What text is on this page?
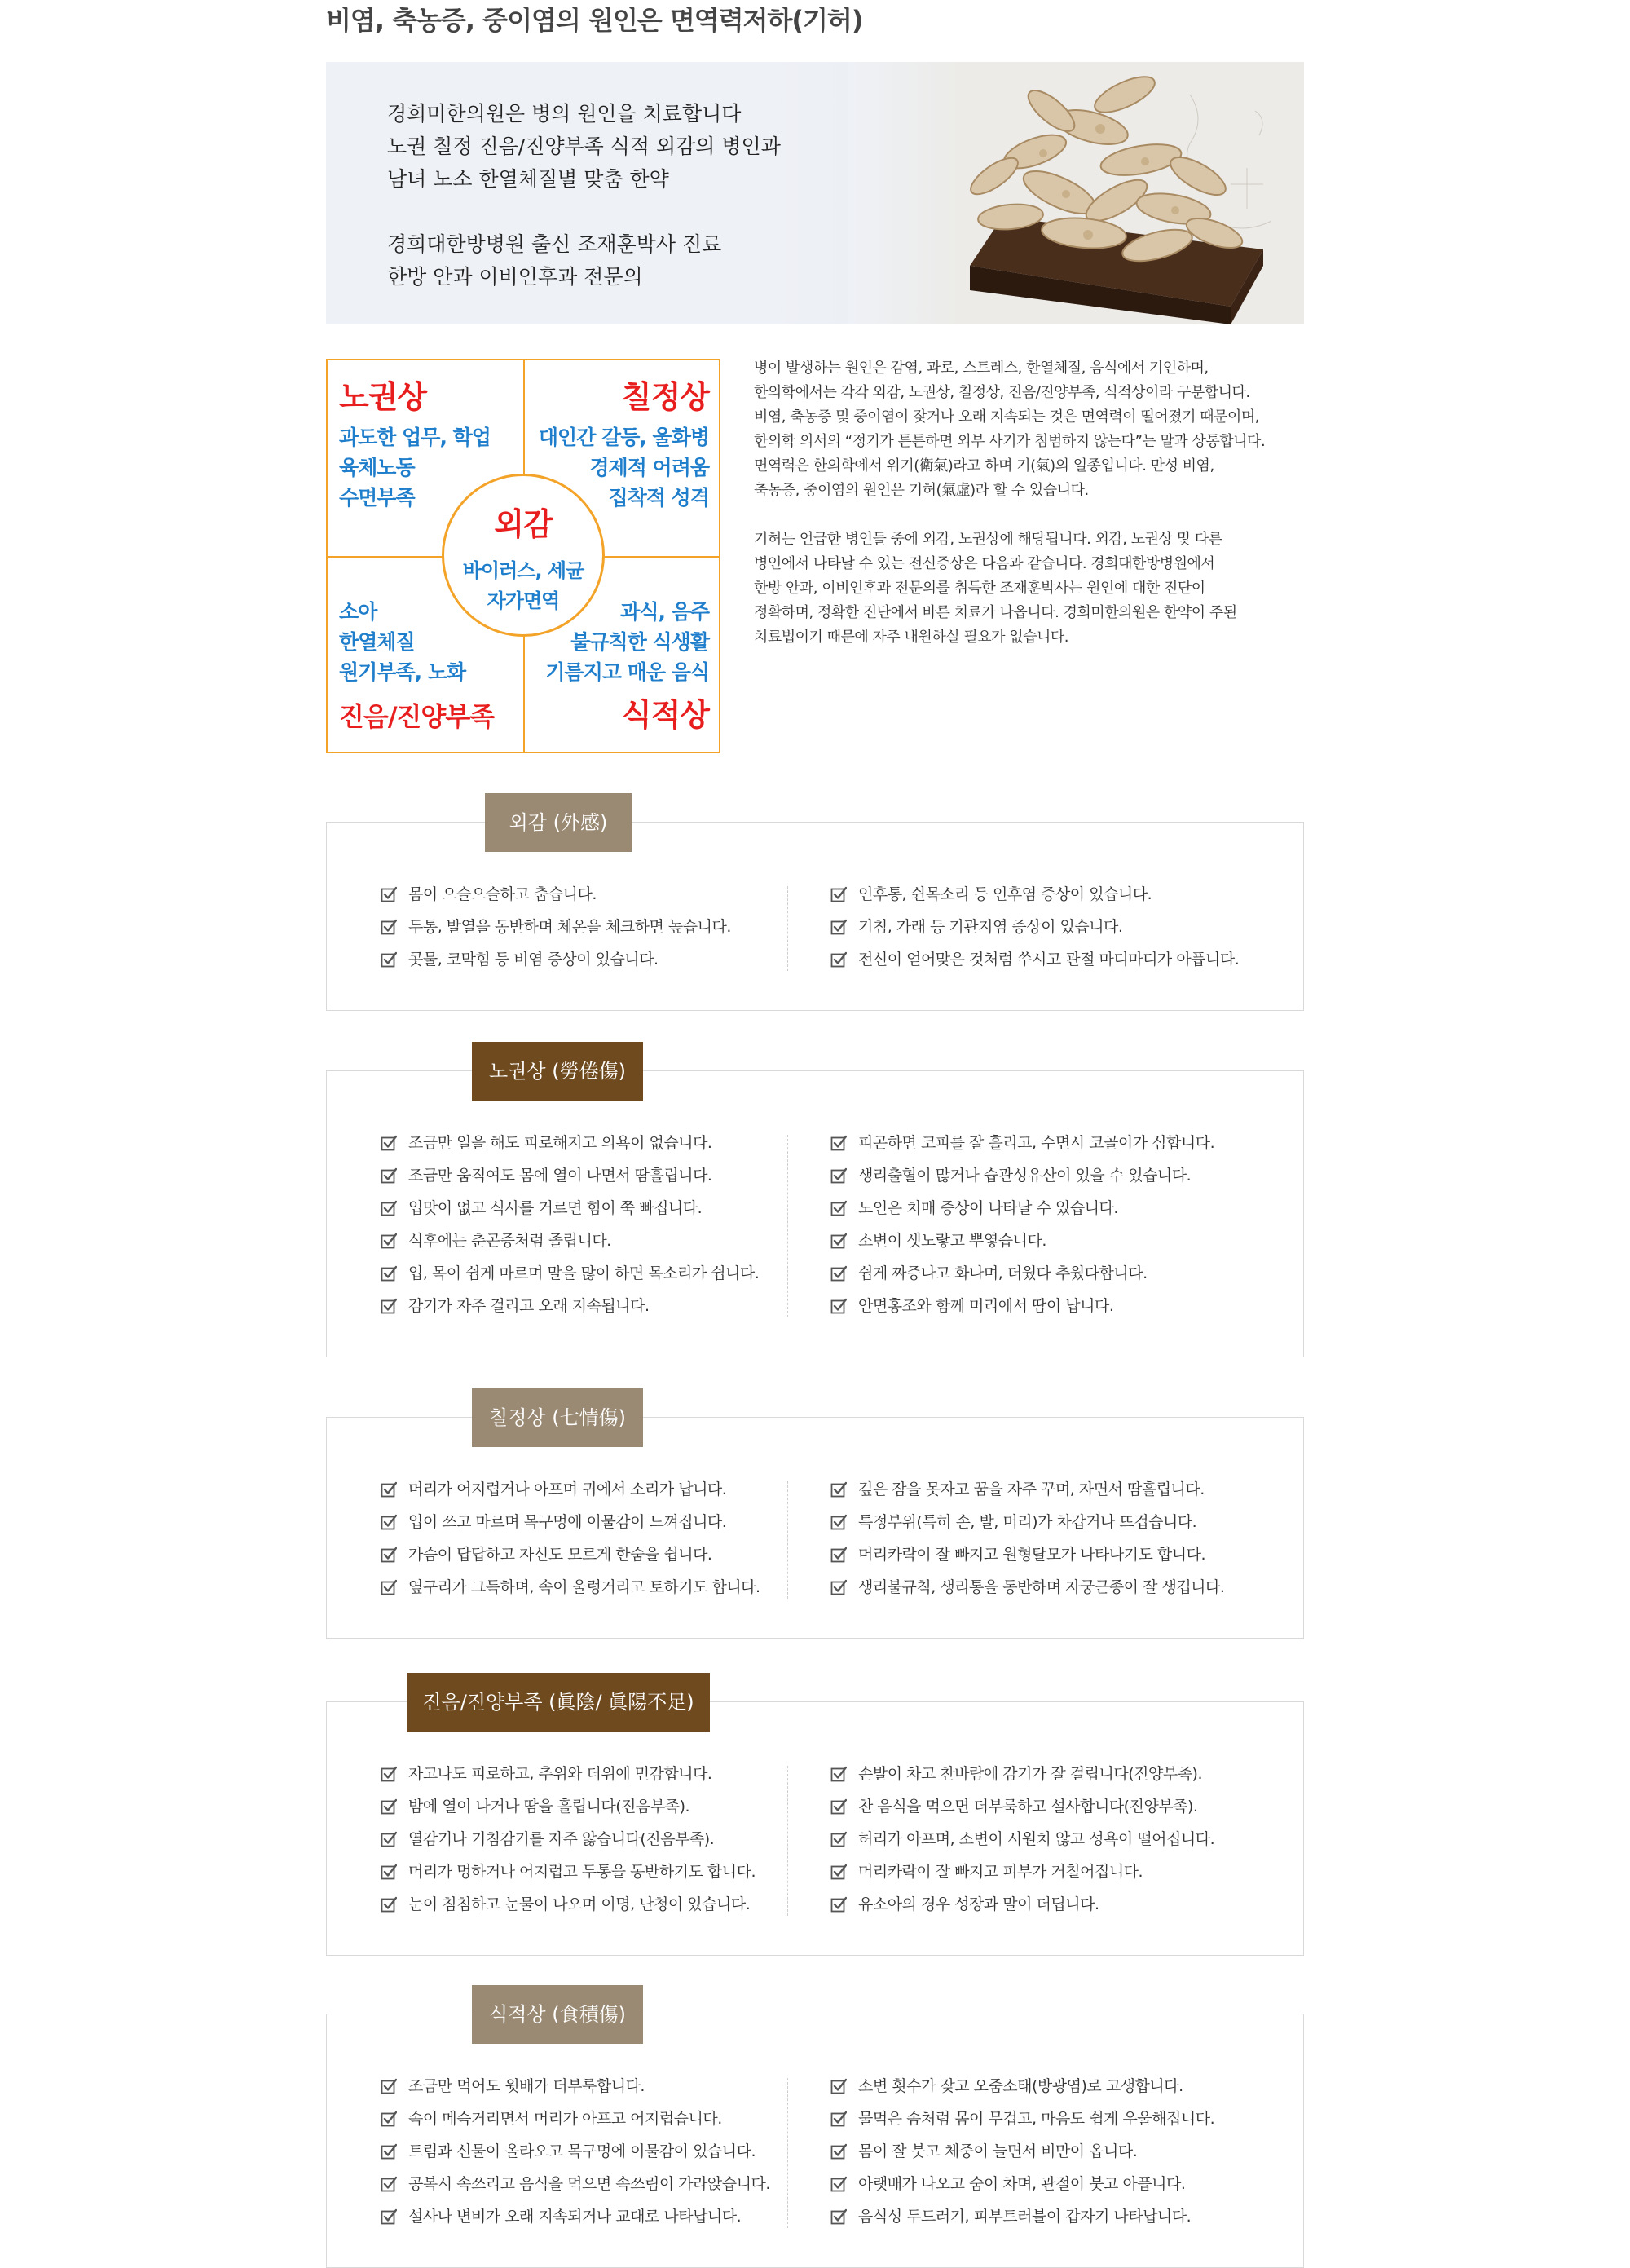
비염, 축농증, 중이염의 원인은 면역력저하(기허)
경희미한의원은 병의 원인을 치료합니다
노권 칠정 진음/진양부족 식적 외감의 병인과
남녀 노소 한열체질별 맞춤 한약
경희대한방병원 출신 조재훈박사 진료
한방 안과 이비인후과 전문의
노권상
과도한 업무, 학업
육체노동
수면부족
칠정상
대인간 갈등, 울화병
경제적 어려움
집착적 성격
소아
한열체질
원기부족, 노화
진음/진양부족
과식, 음주
불규칙한 식생활
기름지고 매운 음식
식적상
외감
바이러스, 세균
자가면역

병이 발생하는 원인은 감염, 과로, 스트레스, 한열체질, 음식에서 기인하며,
한의학에서는 각각 외감, 노권상, 칠정상, 진음/진양부족, 식적상이라 구분합니다.
비염, 축농증 및 중이염이 잦거나 오래 지속되는 것은 면역력이 떨어졌기 때문이며,
한의학 의서의 “정기가 튼튼하면 외부 사기가 침범하지 않는다”는 말과 상통합니다.
면역력은 한의학에서 위기(衛氣)라고 하며 기(氣)의 일종입니다. 만성 비염,
축농증, 중이염의 원인은 기허(氣虛)라 할 수 있습니다.

기허는 언급한 병인들 중에 외감, 노권상에 해당됩니다. 외감, 노권상 및 다른
병인에서 나타날 수 있는 전신증상은 다음과 같습니다. 경희대한방병원에서
한방 안과, 이비인후과 전문의를 취득한 조재훈박사는 원인에 대한 진단이
정확하며, 정확한 진단에서 바른 치료가 나옵니다. 경희미한의원은 한약이 주된
치료법이기 때문에 자주 내원하실 필요가 없습니다.

외감 (外感)
몸이 으슬으슬하고 춥습니다.
두통, 발열을 동반하며 체온을 체크하면 높습니다.
콧물, 코막힘 등 비염 증상이 있습니다.
인후통, 쉰목소리 등 인후염 증상이 있습니다.
기침, 가래 등 기관지염 증상이 있습니다.
전신이 얻어맞은 것처럼 쑤시고 관절 마디마디가 아픕니다.
노권상 (勞倦傷)
조금만 일을 해도 피로해지고 의욕이 없습니다.
조금만 움직여도 몸에 열이 나면서 땀흘립니다.
입맛이 없고 식사를 거르면 힘이 쭉 빠집니다.
식후에는 춘곤증처럼 졸립니다.
입, 목이 쉽게 마르며 말을 많이 하면 목소리가 쉽니다.
감기가 자주 걸리고 오래 지속됩니다.
피곤하면 코피를 잘 흘리고, 수면시 코골이가 심합니다.
생리출혈이 많거나 습관성유산이 있을 수 있습니다.
노인은 치매 증상이 나타날 수 있습니다.
소변이 샛노랗고 뿌옇습니다.
쉽게 짜증나고 화나며, 더웠다 추웠다합니다.
안면홍조와 함께 머리에서 땀이 납니다.
칠정상 (七情傷)
머리가 어지럽거나 아프며 귀에서 소리가 납니다.
입이 쓰고 마르며 목구멍에 이물감이 느껴집니다.
가슴이 답답하고 자신도 모르게 한숨을 쉽니다.
옆구리가 그득하며, 속이 울렁거리고 토하기도 합니다.
깊은 잠을 못자고 꿈을 자주 꾸며, 자면서 땀흘립니다.
특정부위(특히 손, 발, 머리)가 차갑거나 뜨겁습니다.
머리카락이 잘 빠지고 원형탈모가 나타나기도 합니다.
생리불규칙, 생리통을 동반하며 자궁근종이 잘 생깁니다.
진음/진양부족 (眞陰/ 眞陽不足)
자고나도 피로하고, 추위와 더위에 민감합니다.
밤에 열이 나거나 땀을 흘립니다(진음부족).
열감기나 기침감기를 자주 앓습니다(진음부족).
머리가 멍하거나 어지럽고 두통을 동반하기도 합니다.
눈이 침침하고 눈물이 나오며 이명, 난청이 있습니다.
손발이 차고 찬바람에 감기가 잘 걸립니다(진양부족).
찬 음식을 먹으면 더부룩하고 설사합니다(진양부족).
허리가 아프며, 소변이 시원치 않고 성욕이 떨어집니다.
머리카락이 잘 빠지고 피부가 거칠어집니다.
유소아의 경우 성장과 말이 더딥니다.
식적상 (食積傷)
조금만 먹어도 윗배가 더부룩합니다.
속이 메슥거리면서 머리가 아프고 어지럽습니다.
트림과 신물이 올라오고 목구멍에 이물감이 있습니다.
공복시 속쓰리고 음식을 먹으면 속쓰림이 가라앉습니다.
설사나 변비가 오래 지속되거나 교대로 나타납니다.
소변 횟수가 잦고 오줌소태(방광염)로 고생합니다.
물먹은 솜처럼 몸이 무겁고, 마음도 쉽게 우울해집니다.
몸이 잘 붓고 체중이 늘면서 비만이 옵니다.
아랫배가 나오고 숨이 차며, 관절이 붓고 아픕니다.
음식성 두드러기, 피부트러블이 갑자기 나타납니다.
